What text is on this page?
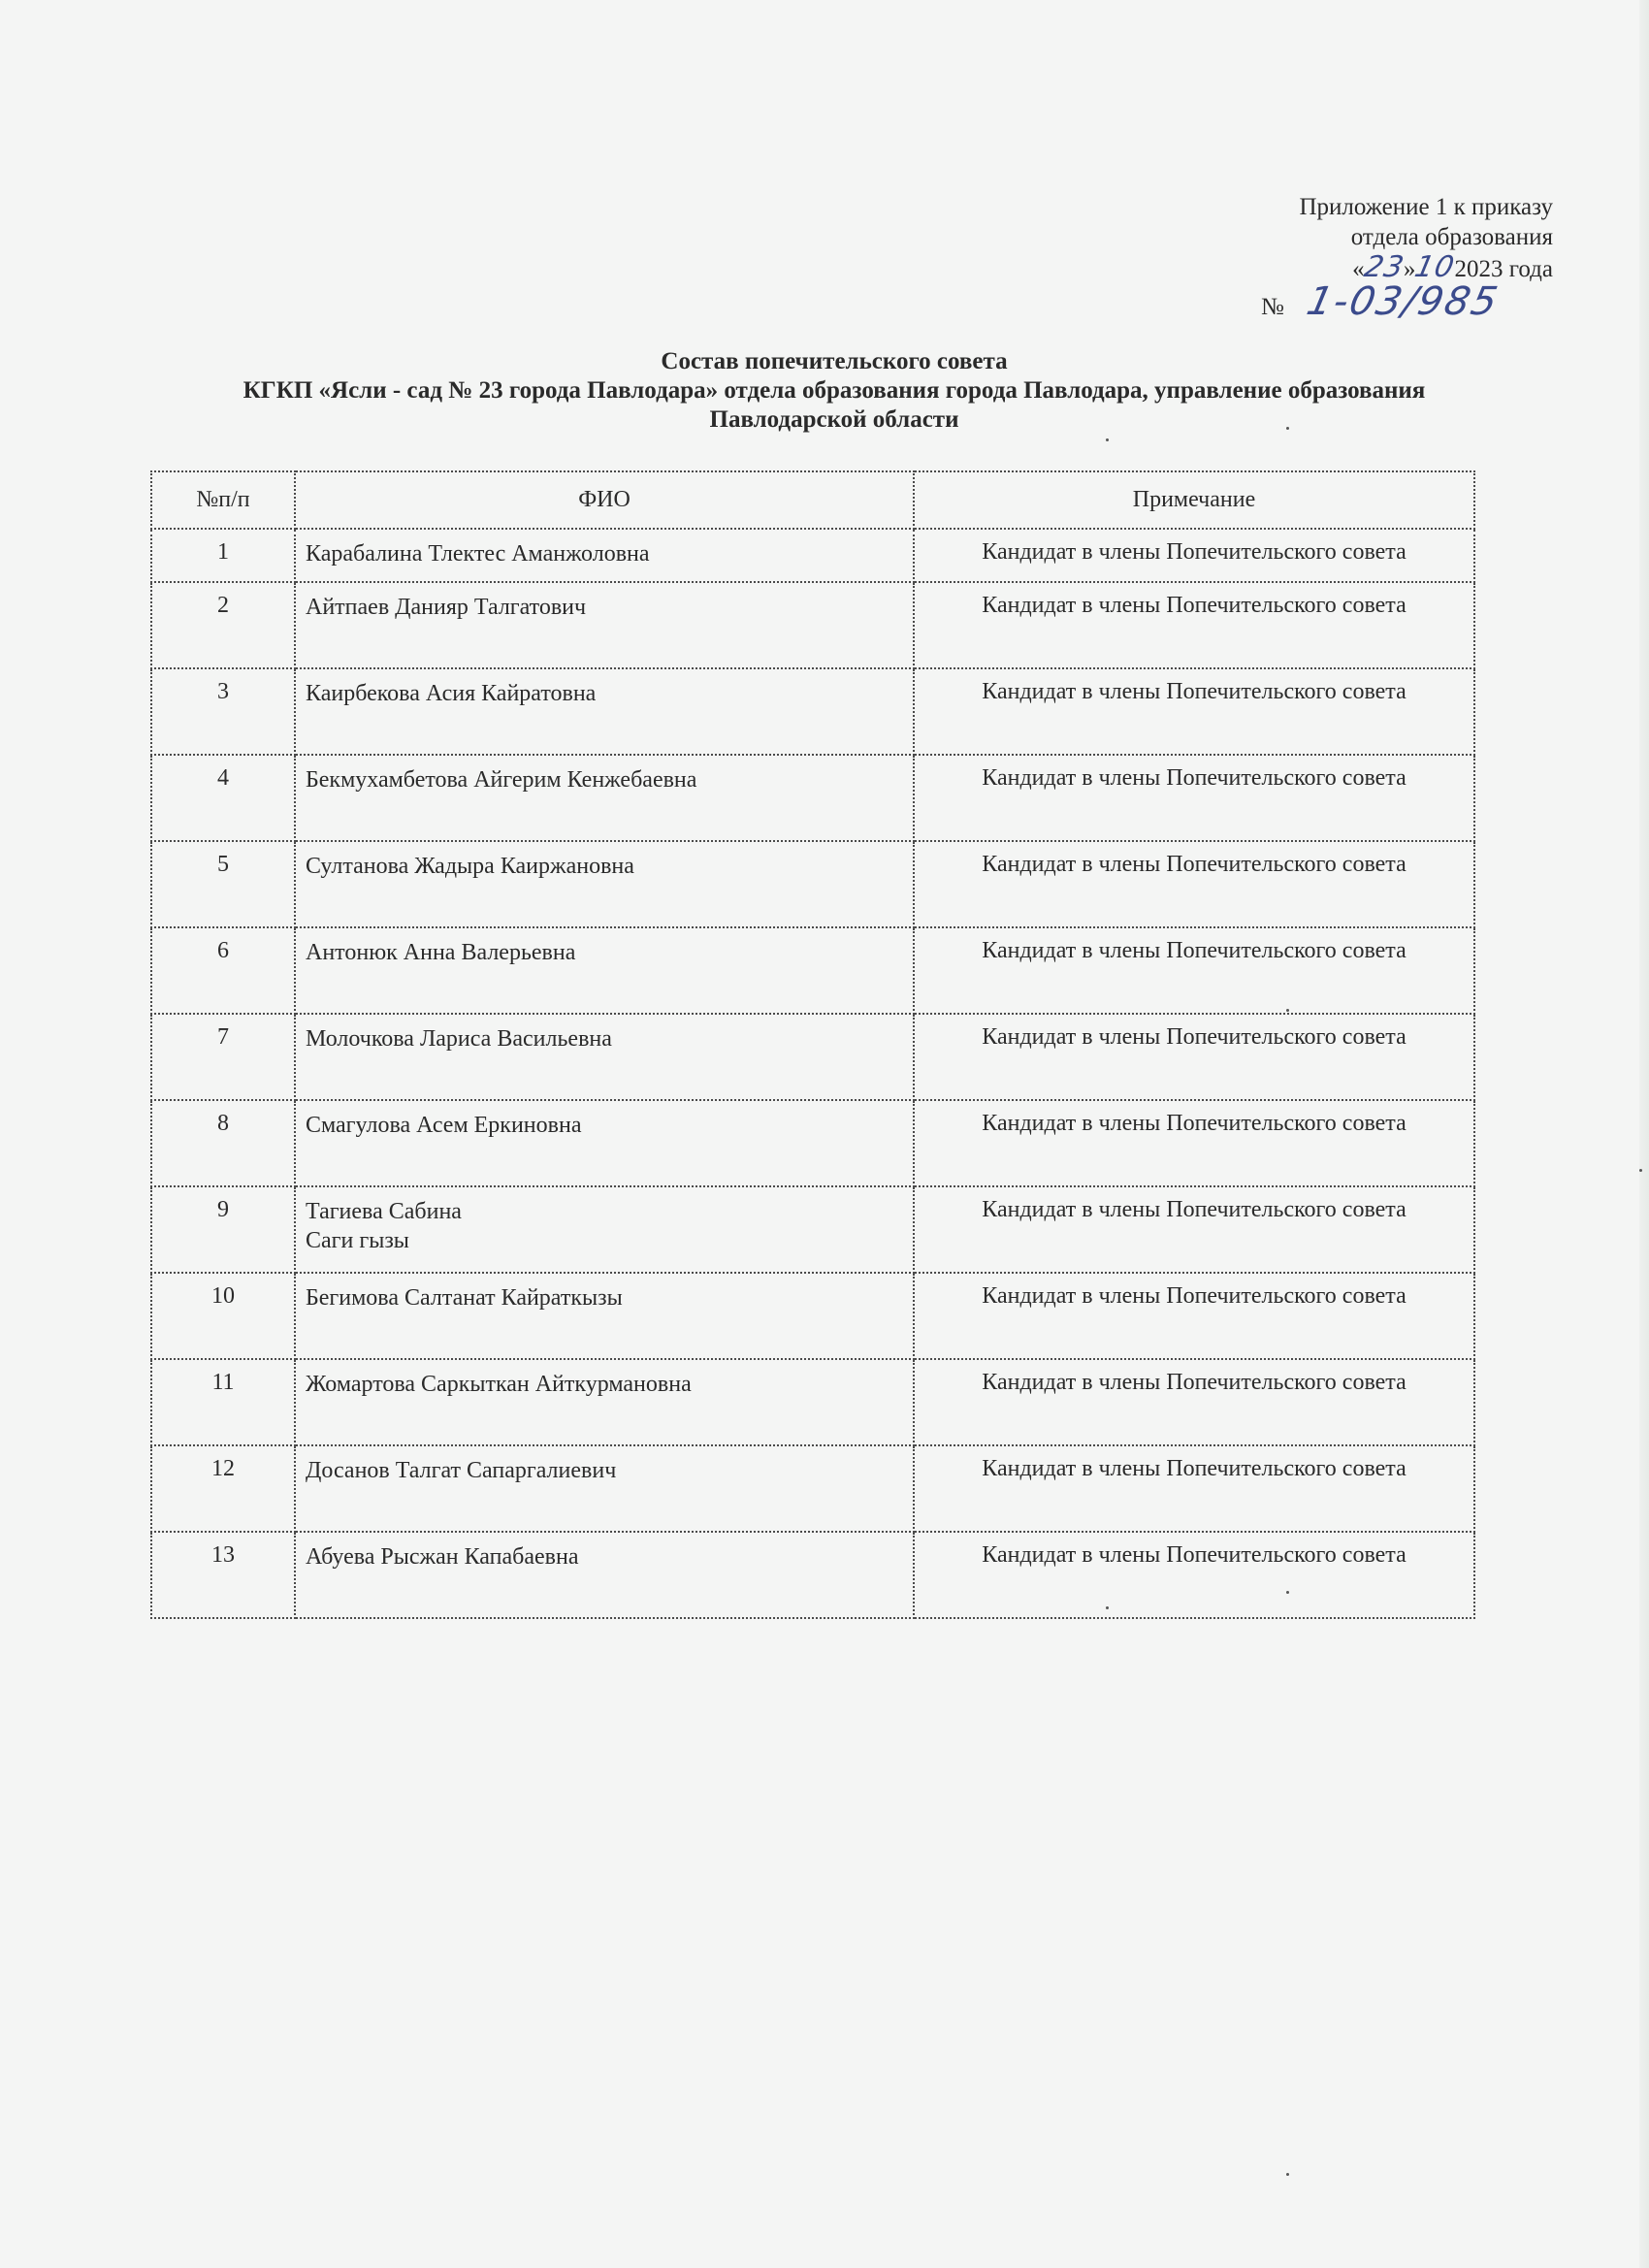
Приложение 1 к приказу
отдела образования
«23»102023 года
№ 1-03/985
Состав попечительского совета
КГКП «Ясли - сад № 23 города Павлодара» отдела образования города Павлодара, управление образования
Павлодарской области
№п/п	ФИО	Примечание
1	Карабалина Тлектес Аманжоловна	Кандидат в члены Попечительского совета
2	Айтпаев Данияр Талгатович	Кандидат в члены Попечительского совета
3	Каирбекова Асия Кайратовна	Кандидат в члены Попечительского совета
4	Бекмухамбетова Айгерим Кенжебаевна	Кандидат в члены Попечительского совета
5	Султанова Жадыра Каиржановна	Кандидат в члены Попечительского совета
6	Антонюк Анна Валерьевна	Кандидат в члены Попечительского совета
7	Молочкова Лариса Васильевна	Кандидат в члены Попечительского совета
8	Смагулова Асем Еркиновна	Кандидат в члены Попечительского совета
9	Тагиева Сабина
Саги гызы	Кандидат в члены Попечительского совета
10	Бегимова Салтанат Кайраткызы	Кандидат в члены Попечительского совета
11	Жомартова Саркыткан Айткурмановна	Кандидат в члены Попечительского совета
12	Досанов Талгат Сапаргалиевич	Кандидат в члены Попечительского совета
13	Абуева Рысжан Капабаевна	Кандидат в члены Попечительского совета
